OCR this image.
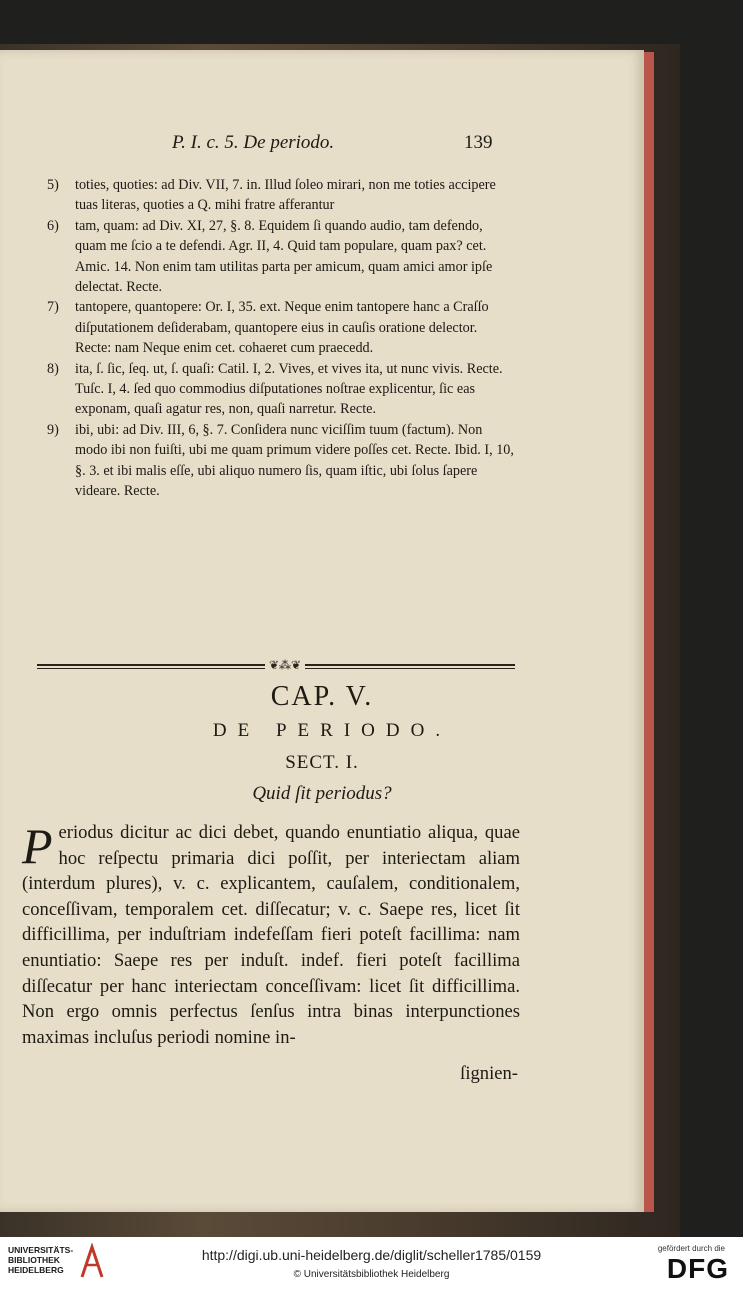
P. I. c. 5. De periodo.	139

5) toties, quoties: ad Div. VII, 7. in. Illud ſoleo mirari, non me toties accipere tuas literas, quoties a Q. mihi fratre afferantur

6) tam, quam: ad Div. XI, 27, §. 8. Equidem ſi quando audio, tam defendo, quam me ſcio a te defendi. Agr. II, 4. Quid tam populare, quam pax? cet. Amic. 14. Non enim tam utilitas parta per amicum, quam amici amor ipſe delectat. Recte.

7) tantopere, quantopere: Or. I, 35. ext. Neque enim tantopere hanc a Craſſo diſputationem deſiderabam, quantopere eius in cauſis oratione delector. Recte: nam Neque enim cet. cohaeret cum praecedd.

8) ita, ſ. ſic, ſeq. ut, ſ. quaſi: Catil. I, 2. Vives, et vives ita, ut nunc vivis. Recte. Tuſc. I, 4. ſed quo commodius diſputationes noſtrae explicentur, ſic eas exponam, quaſi agatur res, non, quaſi narretur. Recte.

9) ibi, ubi: ad Div. III, 6, §. 7. Conſidera nunc viciſſim tuum (factum). Non modo ibi non fuiſti, ubi me quam primum videre poſſes cet. Recte. Ibid. I, 10, §. 3. et ibi malis eſſe, ubi aliquo numero ſis, quam iſtic, ubi ſolus ſapere videare. Recte.

❦⁂❦
CAP. V.
DE PERIODO.
SECT. I.
Quid ſit periodus?

Periodus dicitur ac dici debet, quando enuntiatio aliqua, quae hoc reſpectu primaria dici poſſit, per interiectam aliam (interdum plures), v. c. explicantem, cauſalem, conditionalem, conceſſivam, temporalem cet. diſſecatur; v. c. Saepe res, licet ſit difficillima, per induſtriam indefeſſam fieri poteſt facillima: nam enuntiatio: Saepe res per induſt. indef. fieri poteſt facillima diſſecatur per hanc interiectam conceſſivam: licet ſit difficillima. Non ergo omnis perfectus ſenſus intra binas interpunctiones maximas incluſus periodi nomine in-

ſignien-
UNIVERSITÄTS-
BIBLIOTHEK
HEIDELBERG
http://digi.ub.uni-heidelberg.de/diglit/scheller1785/0159
© Universitätsbibliothek Heidelberg
gefördert durch die
DFG
